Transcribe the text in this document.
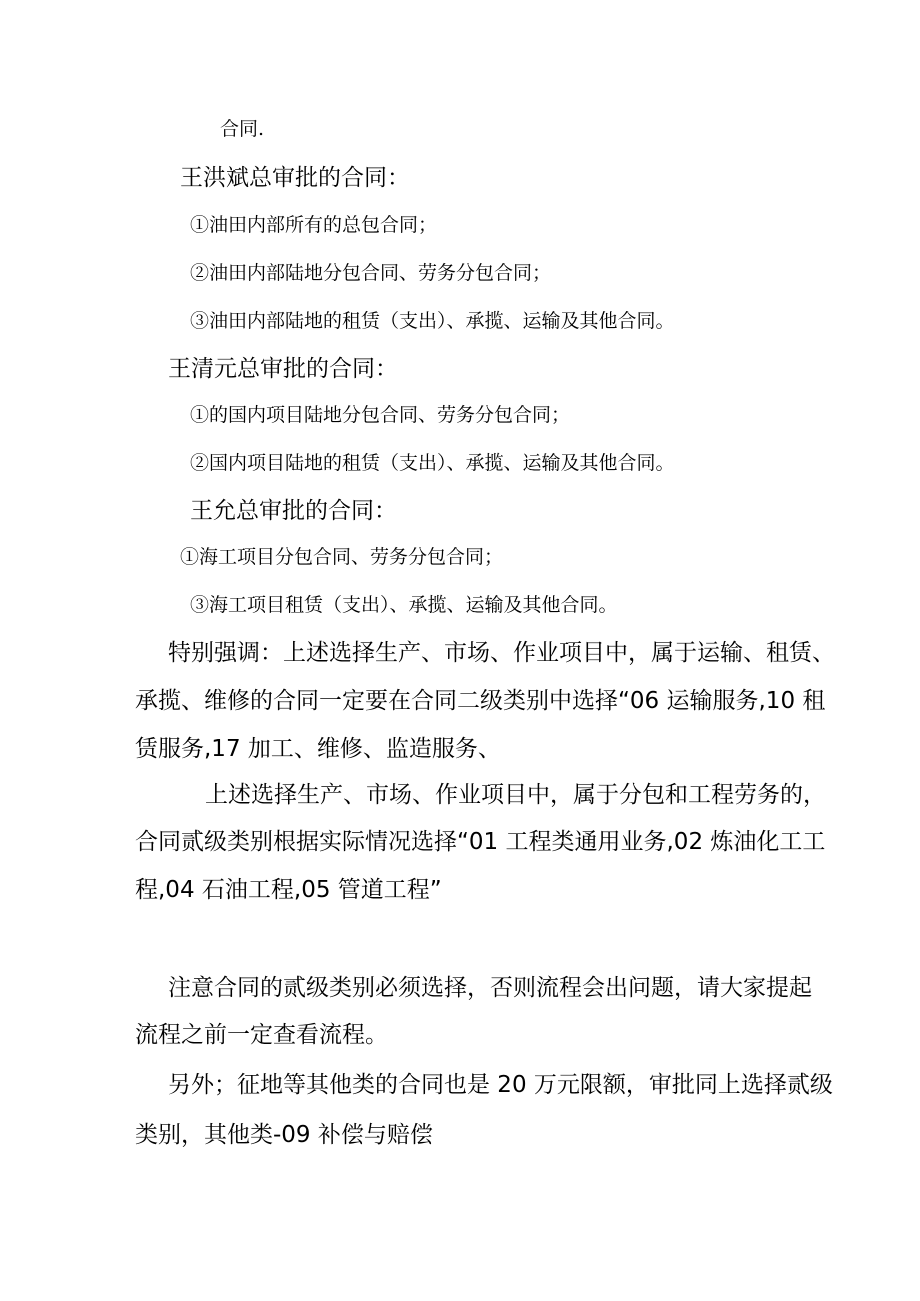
合同.
王洪斌总审批的合同：
①油田内部所有的总包合同；
②油田内部陆地分包合同、劳务分包合同；
③油田内部陆地的租赁（支出）、承揽、运输及其他合同。
王清元总审批的合同：
①的国内项目陆地分包合同、劳务分包合同；
②国内项目陆地的租赁（支出）、承揽、运输及其他合同。
王允总审批的合同：
①海工项目分包合同、劳务分包合同；
③海工项目租赁（支出）、承揽、运输及其他合同。
特别强调：上述选择生产、市场、作业项目中，属于运输、租赁、
承揽、维修的合同一定要在合同二级类别中选择“06 运输服务,10 租
赁服务,17 加工、维修、监造服务、
上述选择生产、市场、作业项目中，属于分包和工程劳务的，
合同贰级类别根据实际情况选择“01 工程类通用业务,02 炼油化工工
程,04 石油工程,05 管道工程”
注意合同的贰级类别必须选择，否则流程会出问题，请大家提起
流程之前一定查看流程。
另外；征地等其他类的合同也是 20 万元限额，审批同上选择贰级
类别，其他类-09 补偿与赔偿
